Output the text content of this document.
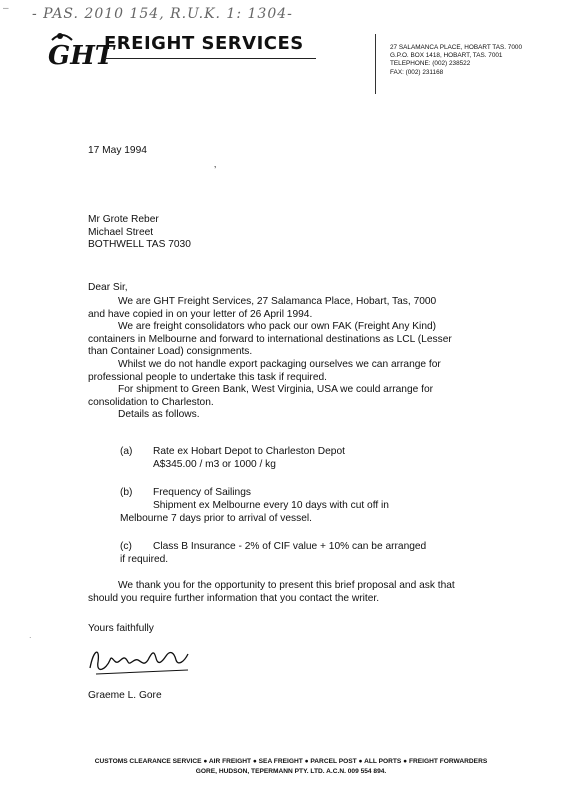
- PAS. 2010 154, R.U.K. 1: 1304-
GHT
FREIGHT SERVICES	27 SALAMANCA PLACE, HOBART TAS. 7000
G.P.O. BOX 1418, HOBART, TAS. 7001
TELEPHONE: (002) 238522
FAX: (002) 231168
17 May 1994
’
Mr Grote Reber
Michael Street
BOTHWELL TAS 7030
Dear Sir,
We are GHT Freight Services, 27 Salamanca Place, Hobart, Tas, 7000
and have copied in on your letter of 26 April 1994.
We are freight consolidators who pack our own FAK (Freight Any Kind)
containers in Melbourne and forward to international destinations as LCL (Lesser
than Container Load) consignments.
Whilst we do not handle export packaging ourselves we can arrange for
professional people to undertake this task if required.
For shipment to Green Bank, West Virginia, USA we could arrange for
consolidation to Charleston.
Details as follows.
(a) Rate ex Hobart Depot to Charleston Depot
A$345.00 / m3 or 1000 / kg
(b) Frequency of Sailings
Shipment ex Melbourne every 10 days with cut off in
Melbourne 7 days prior to arrival of vessel.
(c) Class B Insurance - 2% of CIF value + 10% can be arranged
if required.
We thank you for the opportunity to present this brief proposal and ask that
should you require further information that you contact the writer.
Yours faithfully
Graeme L. Gore
–
.
CUSTOMS CLEARANCE SERVICE ● AIR FREIGHT ● SEA FREIGHT ● PARCEL POST ● ALL PORTS ● FREIGHT FORWARDERS
GORE, HUDSON, TEPERMANN PTY. LTD. A.C.N. 009 554 894.
